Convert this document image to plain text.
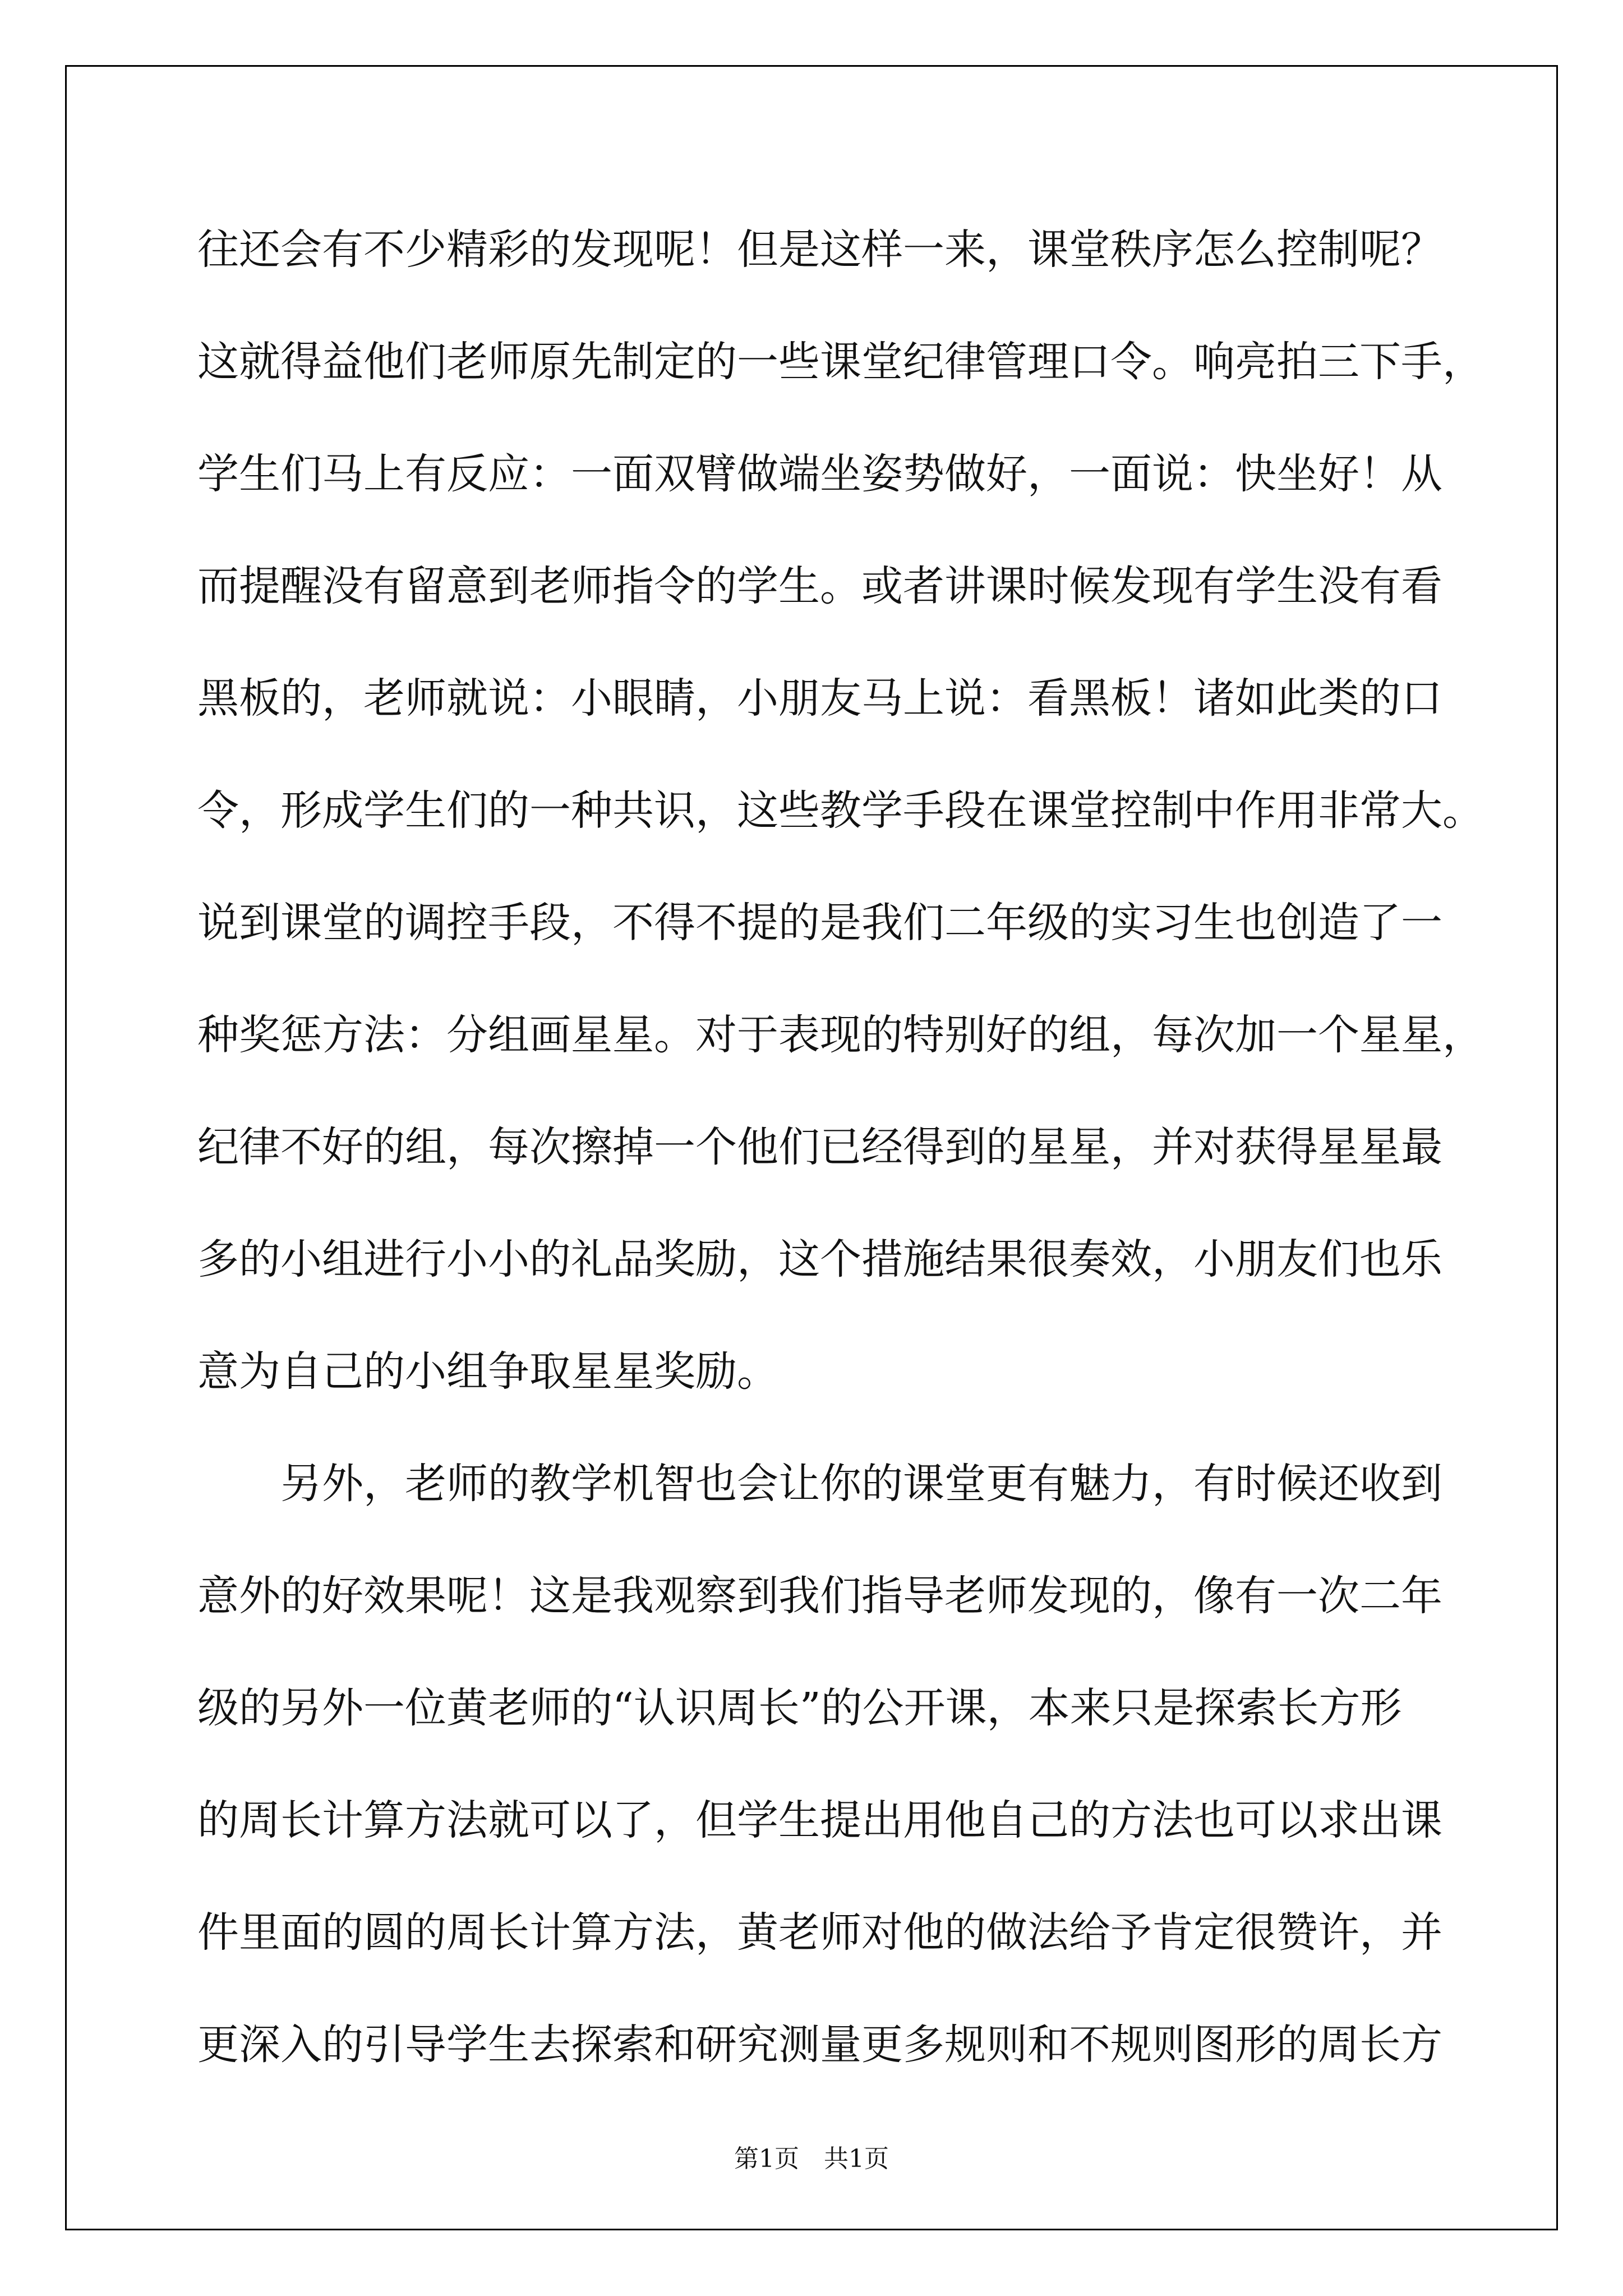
往还会有不少精彩的发现呢！但是这样一来，课堂秩序怎么控制呢？
这就得益他们老师原先制定的一些课堂纪律管理口令。响亮拍三下手，
学生们马上有反应：一面双臂做端坐姿势做好，一面说：快坐好！从
而提醒没有留意到老师指令的学生。或者讲课时候发现有学生没有看
黑板的，老师就说：小眼睛，小朋友马上说：看黑板！诸如此类的口
令，形成学生们的一种共识，这些教学手段在课堂控制中作用非常大。
说到课堂的调控手段，不得不提的是我们二年级的实习生也创造了一
种奖惩方法：分组画星星。对于表现的特别好的组，每次加一个星星，
纪律不好的组，每次擦掉一个他们已经得到的星星，并对获得星星最
多的小组进行小小的礼品奖励，这个措施结果很奏效，小朋友们也乐
意为自己的小组争取星星奖励。
　　另外，老师的教学机智也会让你的课堂更有魅力，有时候还收到
意外的好效果呢！这是我观察到我们指导老师发现的，像有一次二年
级的另外一位黄老师的“认识周长”的公开课，本来只是探索长方形
的周长计算方法就可以了，但学生提出用他自己的方法也可以求出课
件里面的圆的周长计算方法，黄老师对他的做法给予肯定很赞许，并
更深入的引导学生去探索和研究测量更多规则和不规则图形的周长方
第1页　共1页
